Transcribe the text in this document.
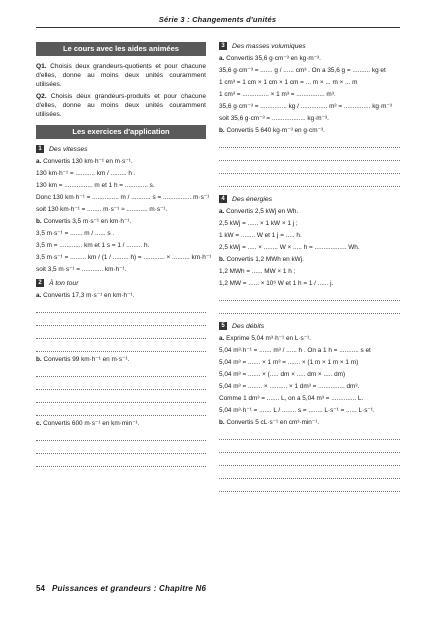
Série 3 : Changements d'unités
Le cours avec les aides animées
Q1. Choisis deux grandeurs-quotients et pour chacune d'elles, donne au moins deux unités couramment utilisées.
Q2. Choisis deux grandeurs-produits et pour chacune d'elles, donne au moins deux unités couramment utilisées.
Les exercices d'application
1	Des vitesses
a. Convertis 130 km·h⁻¹ en m·s⁻¹.
130 km·h⁻¹ = ........... km / ......... h .
130 km = ................ m et 1 h = ............. s.
Donc 130 km·h⁻¹ = ............... m / ........... s = ................ m·s⁻¹
soit 130 km·h⁻¹ = ........ m·s⁻¹ ≈ ............ m·s⁻¹.
b. Convertis 3,5 m·s⁻¹ en km·h⁻¹.
3,5 m·s⁻¹ = ....... m / ...... s .
3,5 m = ............. km et 1 s = 1 / ......... h.
3,5 m·s⁻¹ = ......... km / (1 / ......... h) = ............ × .......... km·h⁻¹
soit 3,5 m·s⁻¹ = ............ km·h⁻¹.
2	À ton tour
a. Convertis 17,3 m·s⁻¹ en km·h⁻¹.
b. Convertis 99 km·h⁻¹ en m·s⁻¹.
c. Convertis 600 m·s⁻¹ en km·min⁻¹.
3	Des masses volumiques
a. Convertis 35,6 g·cm⁻³ en kg·m⁻³.
35,6 g·cm⁻³ = ....... g / ...... cm³ . On a 35,6 g = .......... kg et
1 cm³ = 1 cm × 1 cm × 1 cm = ... m × ... m × ... m
1 cm³ = ............... × 1 m³ = ................ m³.
35,6 g·cm⁻³ = ............... kg / ............... m³ = ............... kg·m⁻³
soit 35,6 g·cm⁻³ = ................... kg·m⁻³.
b. Convertis 5 640 kg·m⁻³ en g·cm⁻³.
4	Des énergies
a. Convertis 2,5 kWj en Wh.
2,5 kWj = ...... × 1 kW × 1 j ;
1 kW = ........ W et 1 j = ..... h.
2,5 kWj = ..... × ........ W × ..... h = .................. Wh.
b. Convertis 1,2 MWh en kWj.
1,2 MWh = ...... MW × 1 h ;
1,2 MW = ...... × 10⁶ W et 1 h = 1 / ...... j.
5	Des débits
a. Exprime 5,04 m³·h⁻¹ en L·s⁻¹.
5,04 m³·h⁻¹ = ....... m³ / ...... h . On a 1 h = ........... s et
5,04 m³ = ....... × 1 m³ = ....... × (1 m × 1 m × 1 m)
5,04 m³ = ....... × (..... dm × ..... dm × ..... dm)
5,04 m³ = ........ × .......... × 1 dm³ = ............... dm³.
Comme 1 dm³ = ....... L, on a 5,04 m³ = .............. L.
5,04 m³·h⁻¹ = ....... L / ........ s = ........ L·s⁻¹ = ...... L·s⁻¹.
b. Convertis 5 cL·s⁻¹ en cm³·min⁻¹.
54 Puissances et grandeurs : Chapitre N6
